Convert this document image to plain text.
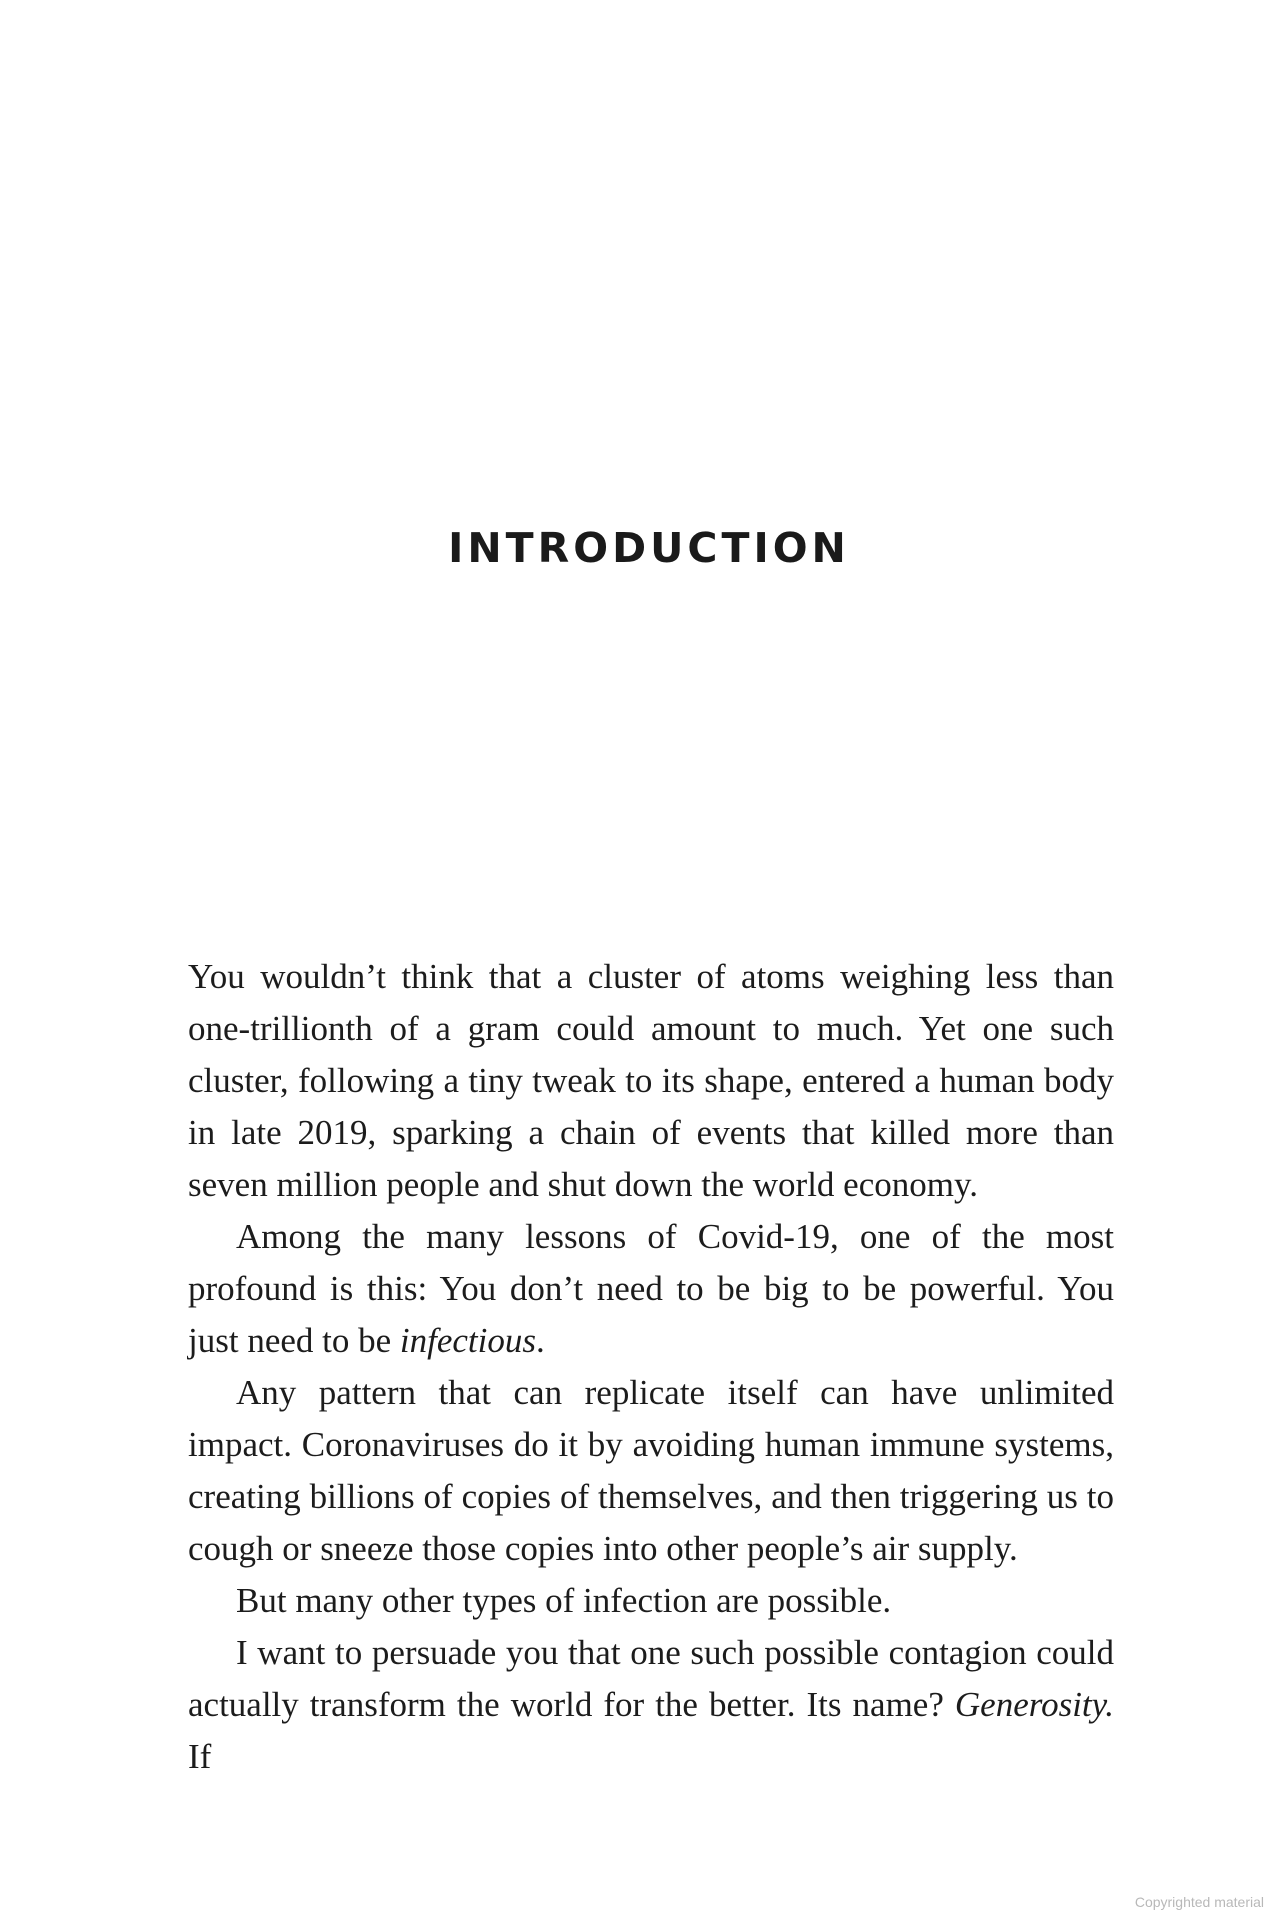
INTRODUCTION

You wouldn’t think that a cluster of atoms weighing less than one-trillionth of a gram could amount to much. Yet one such cluster, following a tiny tweak to its shape, entered a human body in late 2019, sparking a chain of events that killed more than seven million people and shut down the world economy.

Among the many lessons of Covid-19, one of the most profound is this: You don’t need to be big to be powerful. You just need to be infectious.

Any pattern that can replicate itself can have unlimited impact. Coronaviruses do it by avoiding human immune systems, creating billions of copies of themselves, and then triggering us to cough or sneeze those copies into other people’s air supply.

But many other types of infection are possible.

I want to persuade you that one such possible contagion could actually transform the world for the better. Its name? Generosity. If

Copyrighted material
